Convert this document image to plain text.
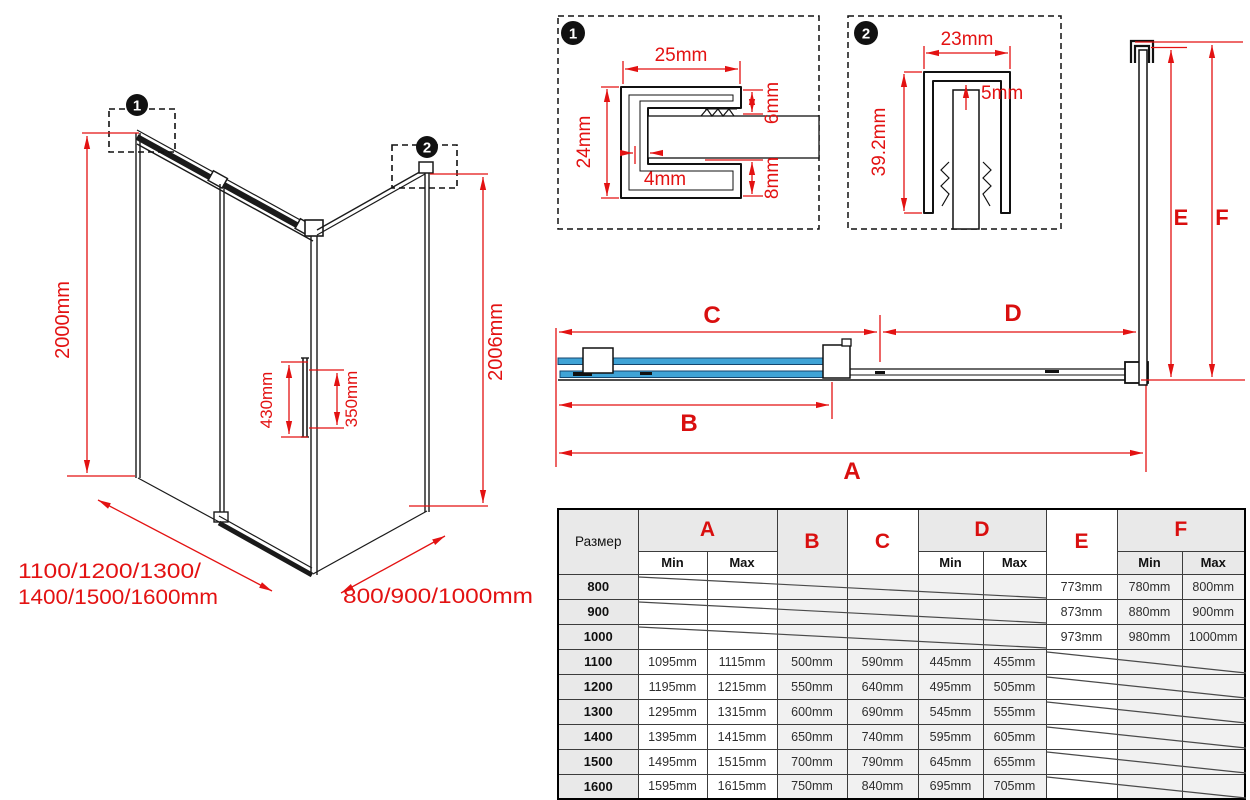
1
2
2000mm	2006mm
430mm	350mm
1100/1200/1300/
1400/1500/1600mm	800/900/1000mm
1
25mm
24mm
4mm
6mm
8mm
2	23mm
39.2mm
5mm
C	D
B
A
E F
Размер	A		B	C	D		E	F	
	Min	Max			Min	Max		Min	Max
800							773mm	780mm	800mm
900							873mm	880mm	900mm
1000							973mm	980mm	1000mm
1100	1095mm	1115mm	500mm	590mm	445mm	455mm			
1200	1195mm	1215mm	550mm	640mm	495mm	505mm			
1300	1295mm	1315mm	600mm	690mm	545mm	555mm			
1400	1395mm	1415mm	650mm	740mm	595mm	605mm			
1500	1495mm	1515mm	700mm	790mm	645mm	655mm			
1600	1595mm	1615mm	750mm	840mm	695mm	705mm			
